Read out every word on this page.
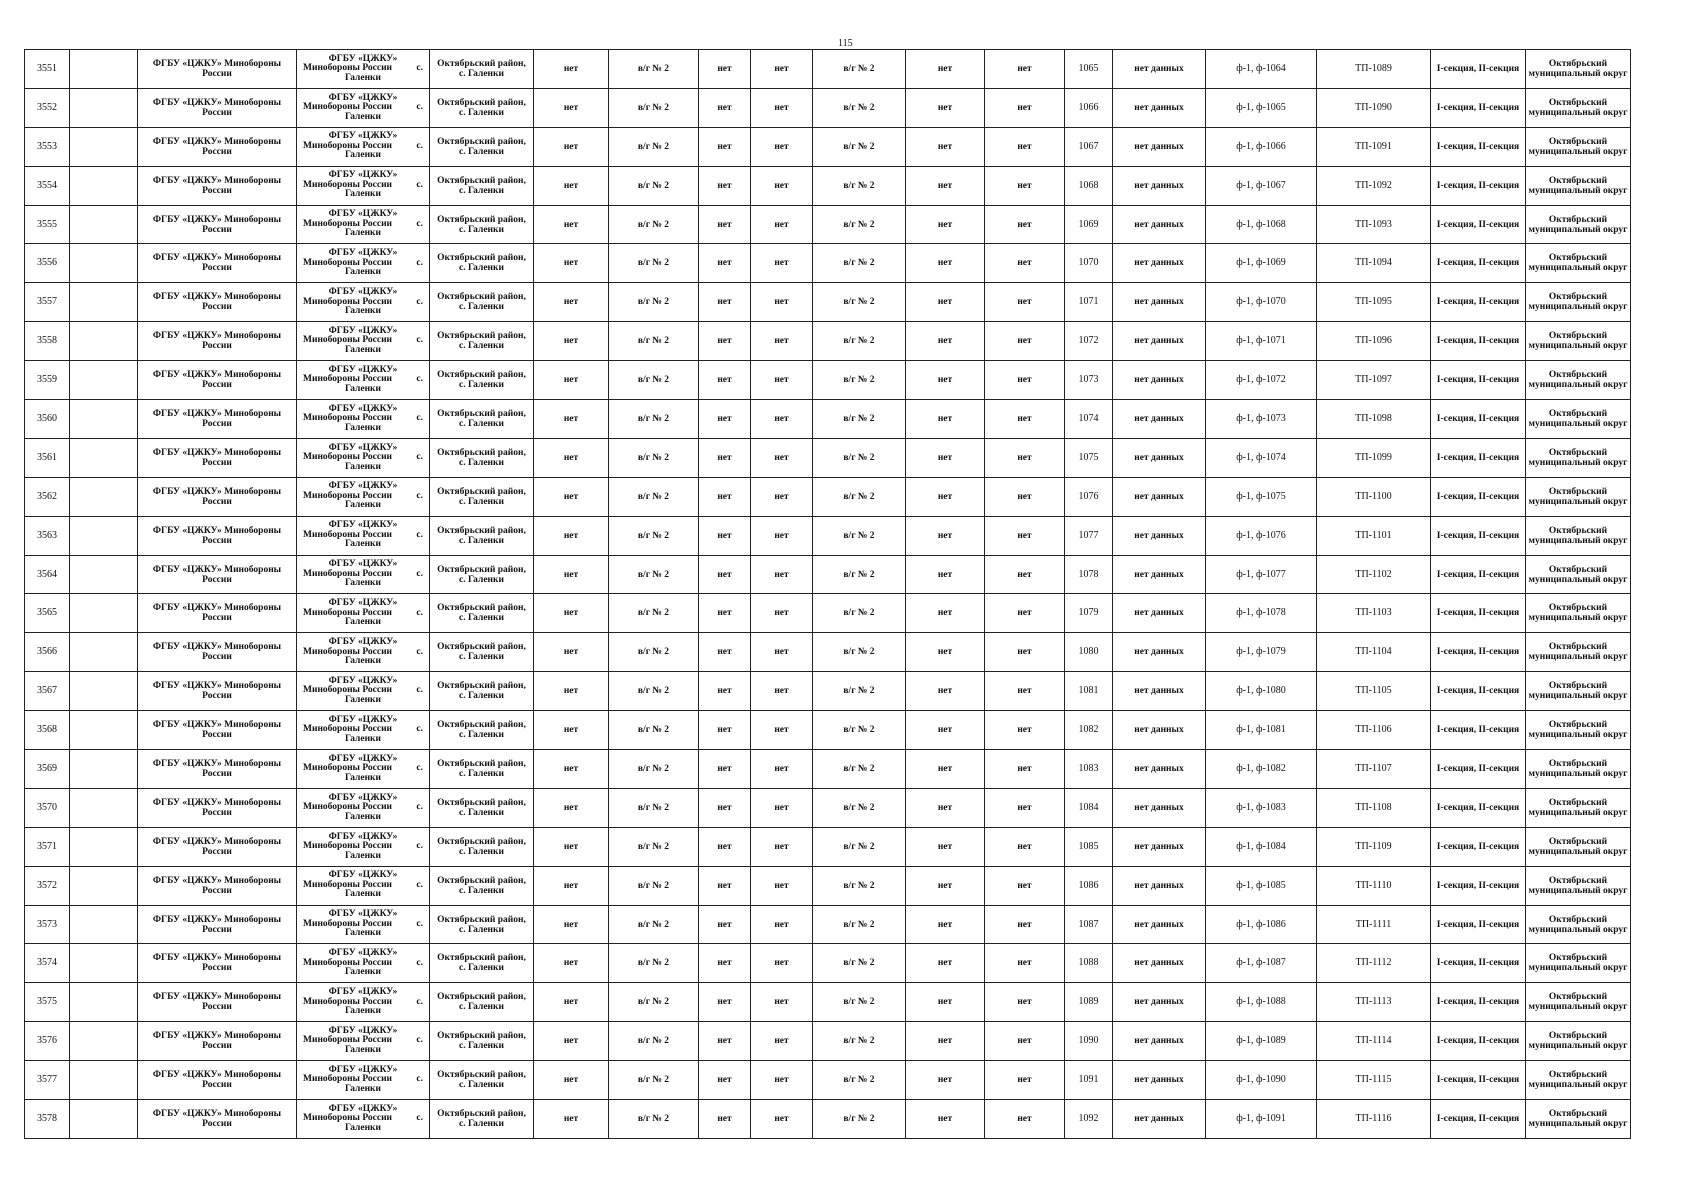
115
3551		ФГБУ «ЦЖКУ» Минобороны России	ФГБУ «ЦЖКУ»
Минобороны России с.
Галенки	Октябрьский район,
с. Галенки	нет	в/г № 2	нет	нет	в/г № 2	нет	нет	1065	нет данных	ф-1, ф-1064	ТП-1089	I-секция, II-секция	Октябрьский муниципальный округ
3552		ФГБУ «ЦЖКУ» Минобороны России	ФГБУ «ЦЖКУ»
Минобороны России с.
Галенки	Октябрьский район,
с. Галенки	нет	в/г № 2	нет	нет	в/г № 2	нет	нет	1066	нет данных	ф-1, ф-1065	ТП-1090	I-секция, II-секция	Октябрьский муниципальный округ
3553		ФГБУ «ЦЖКУ» Минобороны России	ФГБУ «ЦЖКУ»
Минобороны России с.
Галенки	Октябрьский район,
с. Галенки	нет	в/г № 2	нет	нет	в/г № 2	нет	нет	1067	нет данных	ф-1, ф-1066	ТП-1091	I-секция, II-секция	Октябрьский муниципальный округ
3554		ФГБУ «ЦЖКУ» Минобороны России	ФГБУ «ЦЖКУ»
Минобороны России с.
Галенки	Октябрьский район,
с. Галенки	нет	в/г № 2	нет	нет	в/г № 2	нет	нет	1068	нет данных	ф-1, ф-1067	ТП-1092	I-секция, II-секция	Октябрьский муниципальный округ
3555		ФГБУ «ЦЖКУ» Минобороны России	ФГБУ «ЦЖКУ»
Минобороны России с.
Галенки	Октябрьский район,
с. Галенки	нет	в/г № 2	нет	нет	в/г № 2	нет	нет	1069	нет данных	ф-1, ф-1068	ТП-1093	I-секция, II-секция	Октябрьский муниципальный округ
3556		ФГБУ «ЦЖКУ» Минобороны России	ФГБУ «ЦЖКУ»
Минобороны России с.
Галенки	Октябрьский район,
с. Галенки	нет	в/г № 2	нет	нет	в/г № 2	нет	нет	1070	нет данных	ф-1, ф-1069	ТП-1094	I-секция, II-секция	Октябрьский муниципальный округ
3557		ФГБУ «ЦЖКУ» Минобороны России	ФГБУ «ЦЖКУ»
Минобороны России с.
Галенки	Октябрьский район,
с. Галенки	нет	в/г № 2	нет	нет	в/г № 2	нет	нет	1071	нет данных	ф-1, ф-1070	ТП-1095	I-секция, II-секция	Октябрьский муниципальный округ
3558		ФГБУ «ЦЖКУ» Минобороны России	ФГБУ «ЦЖКУ»
Минобороны России с.
Галенки	Октябрьский район,
с. Галенки	нет	в/г № 2	нет	нет	в/г № 2	нет	нет	1072	нет данных	ф-1, ф-1071	ТП-1096	I-секция, II-секция	Октябрьский муниципальный округ
3559		ФГБУ «ЦЖКУ» Минобороны России	ФГБУ «ЦЖКУ»
Минобороны России с.
Галенки	Октябрьский район,
с. Галенки	нет	в/г № 2	нет	нет	в/г № 2	нет	нет	1073	нет данных	ф-1, ф-1072	ТП-1097	I-секция, II-секция	Октябрьский муниципальный округ
3560		ФГБУ «ЦЖКУ» Минобороны России	ФГБУ «ЦЖКУ»
Минобороны России с.
Галенки	Октябрьский район,
с. Галенки	нет	в/г № 2	нет	нет	в/г № 2	нет	нет	1074	нет данных	ф-1, ф-1073	ТП-1098	I-секция, II-секция	Октябрьский муниципальный округ
3561		ФГБУ «ЦЖКУ» Минобороны России	ФГБУ «ЦЖКУ»
Минобороны России с.
Галенки	Октябрьский район,
с. Галенки	нет	в/г № 2	нет	нет	в/г № 2	нет	нет	1075	нет данных	ф-1, ф-1074	ТП-1099	I-секция, II-секция	Октябрьский муниципальный округ
3562		ФГБУ «ЦЖКУ» Минобороны России	ФГБУ «ЦЖКУ»
Минобороны России с.
Галенки	Октябрьский район,
с. Галенки	нет	в/г № 2	нет	нет	в/г № 2	нет	нет	1076	нет данных	ф-1, ф-1075	ТП-1100	I-секция, II-секция	Октябрьский муниципальный округ
3563		ФГБУ «ЦЖКУ» Минобороны России	ФГБУ «ЦЖКУ»
Минобороны России с.
Галенки	Октябрьский район,
с. Галенки	нет	в/г № 2	нет	нет	в/г № 2	нет	нет	1077	нет данных	ф-1, ф-1076	ТП-1101	I-секция, II-секция	Октябрьский муниципальный округ
3564		ФГБУ «ЦЖКУ» Минобороны России	ФГБУ «ЦЖКУ»
Минобороны России с.
Галенки	Октябрьский район,
с. Галенки	нет	в/г № 2	нет	нет	в/г № 2	нет	нет	1078	нет данных	ф-1, ф-1077	ТП-1102	I-секция, II-секция	Октябрьский муниципальный округ
3565		ФГБУ «ЦЖКУ» Минобороны России	ФГБУ «ЦЖКУ»
Минобороны России с.
Галенки	Октябрьский район,
с. Галенки	нет	в/г № 2	нет	нет	в/г № 2	нет	нет	1079	нет данных	ф-1, ф-1078	ТП-1103	I-секция, II-секция	Октябрьский муниципальный округ
3566		ФГБУ «ЦЖКУ» Минобороны России	ФГБУ «ЦЖКУ»
Минобороны России с.
Галенки	Октябрьский район,
с. Галенки	нет	в/г № 2	нет	нет	в/г № 2	нет	нет	1080	нет данных	ф-1, ф-1079	ТП-1104	I-секция, II-секция	Октябрьский муниципальный округ
3567		ФГБУ «ЦЖКУ» Минобороны России	ФГБУ «ЦЖКУ»
Минобороны России с.
Галенки	Октябрьский район,
с. Галенки	нет	в/г № 2	нет	нет	в/г № 2	нет	нет	1081	нет данных	ф-1, ф-1080	ТП-1105	I-секция, II-секция	Октябрьский муниципальный округ
3568		ФГБУ «ЦЖКУ» Минобороны России	ФГБУ «ЦЖКУ»
Минобороны России с.
Галенки	Октябрьский район,
с. Галенки	нет	в/г № 2	нет	нет	в/г № 2	нет	нет	1082	нет данных	ф-1, ф-1081	ТП-1106	I-секция, II-секция	Октябрьский муниципальный округ
3569		ФГБУ «ЦЖКУ» Минобороны России	ФГБУ «ЦЖКУ»
Минобороны России с.
Галенки	Октябрьский район,
с. Галенки	нет	в/г № 2	нет	нет	в/г № 2	нет	нет	1083	нет данных	ф-1, ф-1082	ТП-1107	I-секция, II-секция	Октябрьский муниципальный округ
3570		ФГБУ «ЦЖКУ» Минобороны России	ФГБУ «ЦЖКУ»
Минобороны России с.
Галенки	Октябрьский район,
с. Галенки	нет	в/г № 2	нет	нет	в/г № 2	нет	нет	1084	нет данных	ф-1, ф-1083	ТП-1108	I-секция, II-секция	Октябрьский муниципальный округ
3571		ФГБУ «ЦЖКУ» Минобороны России	ФГБУ «ЦЖКУ»
Минобороны России с.
Галенки	Октябрьский район,
с. Галенки	нет	в/г № 2	нет	нет	в/г № 2	нет	нет	1085	нет данных	ф-1, ф-1084	ТП-1109	I-секция, II-секция	Октябрьский муниципальный округ
3572		ФГБУ «ЦЖКУ» Минобороны России	ФГБУ «ЦЖКУ»
Минобороны России с.
Галенки	Октябрьский район,
с. Галенки	нет	в/г № 2	нет	нет	в/г № 2	нет	нет	1086	нет данных	ф-1, ф-1085	ТП-1110	I-секция, II-секция	Октябрьский муниципальный округ
3573		ФГБУ «ЦЖКУ» Минобороны России	ФГБУ «ЦЖКУ»
Минобороны России с.
Галенки	Октябрьский район,
с. Галенки	нет	в/г № 2	нет	нет	в/г № 2	нет	нет	1087	нет данных	ф-1, ф-1086	ТП-1111	I-секция, II-секция	Октябрьский муниципальный округ
3574		ФГБУ «ЦЖКУ» Минобороны России	ФГБУ «ЦЖКУ»
Минобороны России с.
Галенки	Октябрьский район,
с. Галенки	нет	в/г № 2	нет	нет	в/г № 2	нет	нет	1088	нет данных	ф-1, ф-1087	ТП-1112	I-секция, II-секция	Октябрьский муниципальный округ
3575		ФГБУ «ЦЖКУ» Минобороны России	ФГБУ «ЦЖКУ»
Минобороны России с.
Галенки	Октябрьский район,
с. Галенки	нет	в/г № 2	нет	нет	в/г № 2	нет	нет	1089	нет данных	ф-1, ф-1088	ТП-1113	I-секция, II-секция	Октябрьский муниципальный округ
3576		ФГБУ «ЦЖКУ» Минобороны России	ФГБУ «ЦЖКУ»
Минобороны России с.
Галенки	Октябрьский район,
с. Галенки	нет	в/г № 2	нет	нет	в/г № 2	нет	нет	1090	нет данных	ф-1, ф-1089	ТП-1114	I-секция, II-секция	Октябрьский муниципальный округ
3577		ФГБУ «ЦЖКУ» Минобороны России	ФГБУ «ЦЖКУ»
Минобороны России с.
Галенки	Октябрьский район,
с. Галенки	нет	в/г № 2	нет	нет	в/г № 2	нет	нет	1091	нет данных	ф-1, ф-1090	ТП-1115	I-секция, II-секция	Октябрьский муниципальный округ
3578		ФГБУ «ЦЖКУ» Минобороны России	ФГБУ «ЦЖКУ»
Минобороны России с.
Галенки	Октябрьский район,
с. Галенки	нет	в/г № 2	нет	нет	в/г № 2	нет	нет	1092	нет данных	ф-1, ф-1091	ТП-1116	I-секция, II-секция	Октябрьский муниципальный округ
